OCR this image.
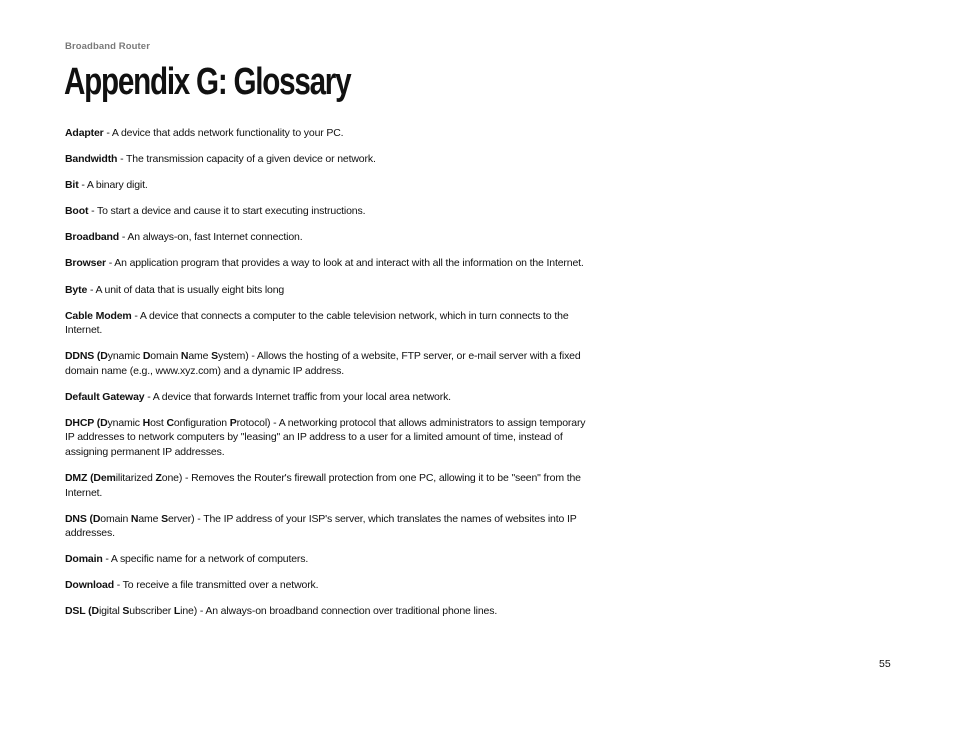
Broadband Router
Appendix G: Glossary
Adapter - A device that adds network functionality to your PC.
Bandwidth - The transmission capacity of a given device or network.
Bit - A binary digit.
Boot - To start a device and cause it to start executing instructions.
Broadband - An always-on, fast Internet connection.
Browser - An application program that provides a way to look at and interact with all the information on the Internet.
Byte - A unit of data that is usually eight bits long
Cable Modem - A device that connects a computer to the cable television network, which in turn connects to the Internet.
DDNS (Dynamic Domain Name System) - Allows the hosting of a website, FTP server, or e-mail server with a fixed domain name (e.g., www.xyz.com) and a dynamic IP address.
Default Gateway - A device that forwards Internet traffic from your local area network.
DHCP (Dynamic Host Configuration Protocol) - A networking protocol that allows administrators to assign temporary IP addresses to network computers by "leasing" an IP address to a user for a limited amount of time, instead of assigning permanent IP addresses.
DMZ (Demilitarized Zone) - Removes the Router's firewall protection from one PC, allowing it to be "seen" from the Internet.
DNS (Domain Name Server) - The IP address of your ISP's server, which translates the names of websites into IP addresses.
Domain - A specific name for a network of computers.
Download - To receive a file transmitted over a network.
DSL (Digital Subscriber Line) - An always-on broadband connection over traditional phone lines.
55
